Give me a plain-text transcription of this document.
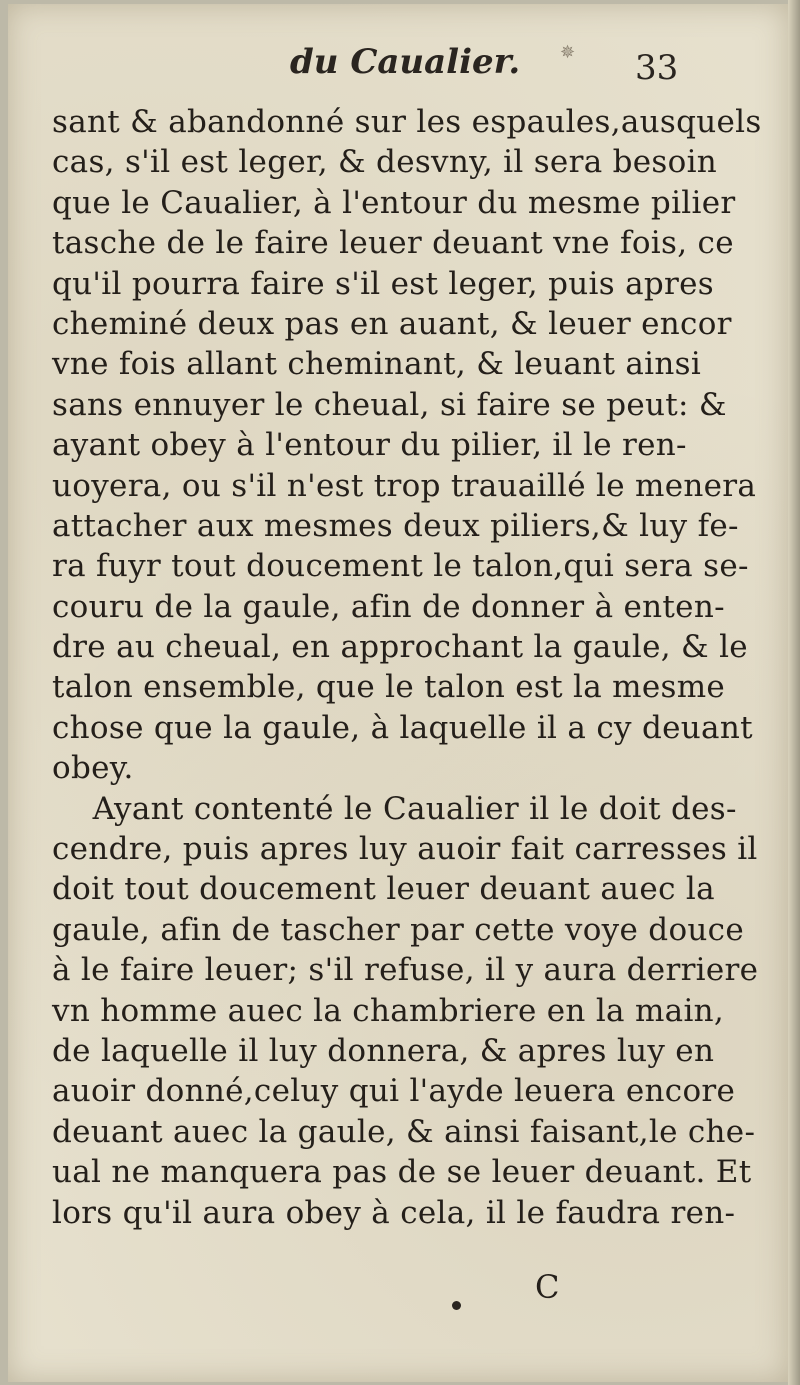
du Caualier. ✵ 33
sant & abandonné sur les espaules,ausquels
cas, s'il est leger, & desvny, il sera besoin
que le Caualier, à l'entour du mesme pilier
tasche de le faire leuer deuant vne fois, ce
qu'il pourra faire s'il est leger, puis apres
cheminé deux pas en auant, & leuer encor
vne fois allant cheminant, & leuant ainsi
sans ennuyer le cheual, si faire se peut: &
ayant obey à l'entour du pilier, il le ren-
uoyera, ou s'il n'est trop trauaillé le menera
attacher aux mesmes deux piliers,& luy fe-
ra fuyr tout doucement le talon,qui sera se-
couru de la gaule, afin de donner à enten-
dre au cheual, en approchant la gaule, & le
talon ensemble, que le talon est la mesme
chose que la gaule, à laquelle il a cy deuant
obey.
Ayant contenté le Caualier il le doit des-
cendre, puis apres luy auoir fait carresses il
doit tout doucement leuer deuant auec la
gaule, afin de tascher par cette voye douce
à le faire leuer; s'il refuse, il y aura derriere
vn homme auec la chambriere en la main,
de laquelle il luy donnera, & apres luy en
auoir donné,celuy qui l'ayde leuera encore
deuant auec la gaule, & ainsi faisant,le che-
ual ne manquera pas de se leuer deuant. Et
lors qu'il aura obey à cela, il le faudra ren-
C
